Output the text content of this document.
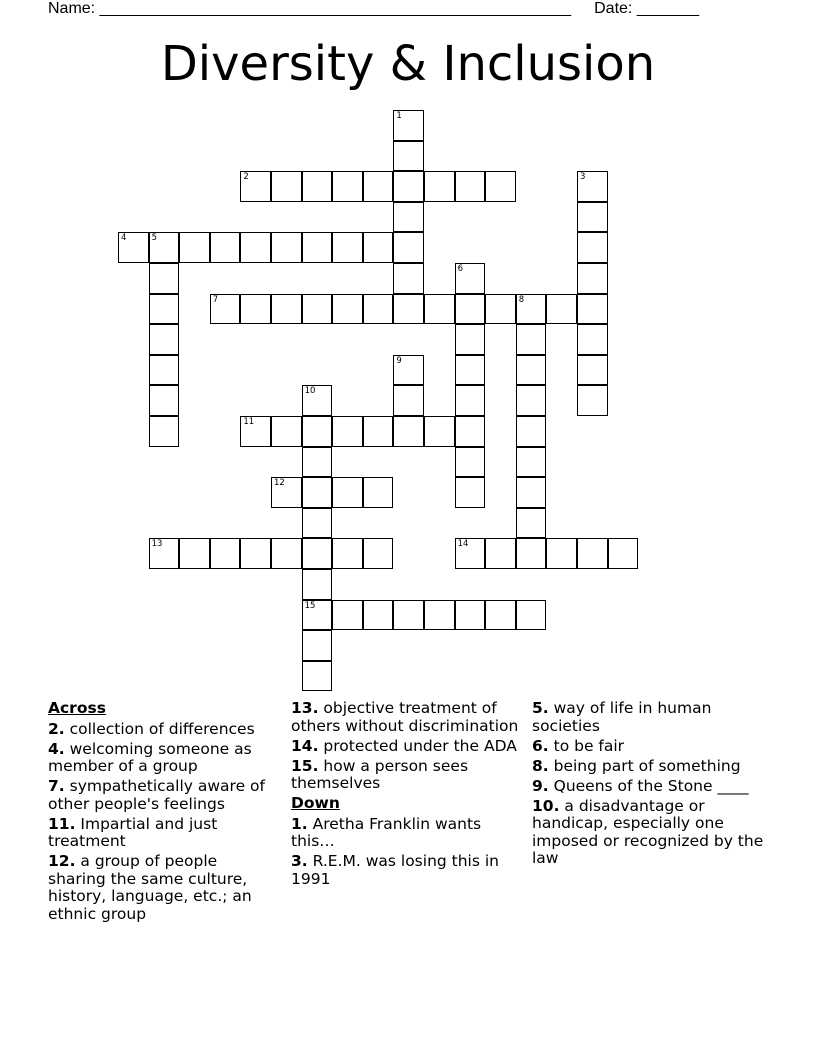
Name: _____________________________________________________ Date: _______
Diversity & Inclusion
1
2	3
4	5
6
7	8
9
10
15
11
12
13	14
Across
2. collection of differences
4. welcoming someone as member of a group
7. sympathetically aware of other people's feelings
11. Impartial and just treatment
12. a group of people sharing the same culture, history, language, etc.; an ethnic group
13. objective treatment of others without discrimination
14. protected under the ADA
15. how a person sees themselves
Down
1. Aretha Franklin wants this…
3. R.E.M. was losing this in 1991
5. way of life in human societies
6. to be fair
8. being part of something
9. Queens of the Stone ____
10. a disadvantage or handicap, especially one imposed or recognized by the law
